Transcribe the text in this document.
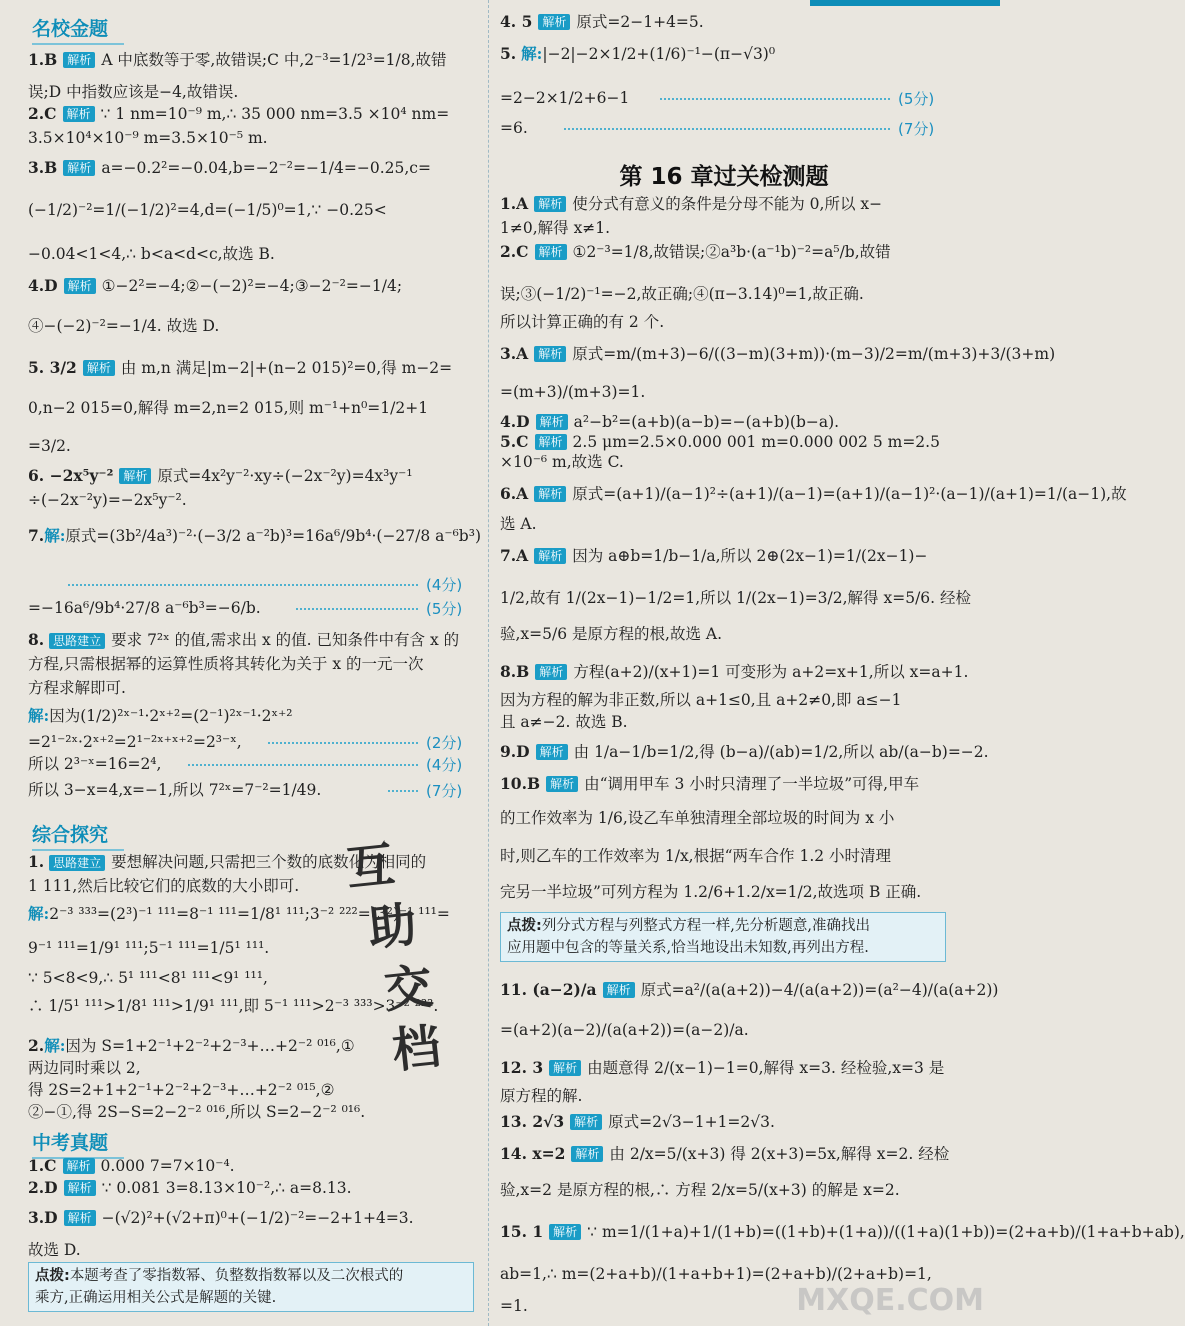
名校金题
1.B 解析 A 中底数等于零,故错误;C 中,2⁻³=1/2³=1/8,故错
误;D 中指数应该是−4,故错误.
2.C 解析 ∵ 1 nm=10⁻⁹ m,∴ 35 000 nm=3.5 ×10⁴ nm=
3.5×10⁴×10⁻⁹ m=3.5×10⁻⁵ m.
3.B 解析 a=−0.2²=−0.04,b=−2⁻²=−1/4=−0.25,c=
(−1/2)⁻²=1/(−1/2)²=4,d=(−1/5)⁰=1,∵ −0.25<
−0.04<1<4,∴ b<a<d<c,故选 B.
4.D 解析 ①−2²=−4;②−(−2)²=−4;③−2⁻²=−1/4;
④−(−2)⁻²=−1/4. 故选 D.
5. 3/2 解析 由 m,n 满足|m−2|+(n−2 015)²=0,得 m−2=
0,n−2 015=0,解得 m=2,n=2 015,则 m⁻¹+n⁰=1/2+1
=3/2.
6. −2x⁵y⁻² 解析 原式=4x²y⁻²·xy÷(−2x⁻²y)=4x³y⁻¹
÷(−2x⁻²y)=−2x⁵y⁻².
7.解:原式=(3b²/4a³)⁻²·(−3/2 a⁻²b)³=16a⁶/9b⁴·(−27/8 a⁻⁶b³)
(4分)
=−16a⁶/9b⁴·27/8 a⁻⁶b³=−6/b.	(5分)
8. 思路建立 要求 7²ˣ 的值,需求出 x 的值. 已知条件中有含 x 的
方程,只需根据幂的运算性质将其转化为关于 x 的一元一次
方程求解即可.
解:因为(1/2)²ˣ⁻¹·2ˣ⁺²=(2⁻¹)²ˣ⁻¹·2ˣ⁺²
=2¹⁻²ˣ·2ˣ⁺²=2¹⁻²ˣ⁺ˣ⁺²=2³⁻ˣ,	(2分)
所以 2³⁻ˣ=16=2⁴,	(4分)
所以 3−x=4,x=−1,所以 7²ˣ=7⁻²=1/49.	(7分)
综合探究
1. 思路建立 要想解决问题,只需把三个数的底数化为相同的
1 111,然后比较它们的底数的大小即可.
解:2⁻³ ³³³=(2³)⁻¹ ¹¹¹=8⁻¹ ¹¹¹=1/8¹ ¹¹¹;3⁻² ²²²=(3²)⁻¹ ¹¹¹=
9⁻¹ ¹¹¹=1/9¹ ¹¹¹;5⁻¹ ¹¹¹=1/5¹ ¹¹¹.
∵ 5<8<9,∴ 5¹ ¹¹¹<8¹ ¹¹¹<9¹ ¹¹¹,
∴ 1/5¹ ¹¹¹>1/8¹ ¹¹¹>1/9¹ ¹¹¹,即 5⁻¹ ¹¹¹>2⁻³ ³³³>3⁻² ²²².
2.解:因为 S=1+2⁻¹+2⁻²+2⁻³+…+2⁻² ⁰¹⁶,①
两边同时乘以 2,
得 2S=2+1+2⁻¹+2⁻²+2⁻³+…+2⁻² ⁰¹⁵,②
②−①,得 2S−S=2−2⁻² ⁰¹⁶,所以 S=2−2⁻² ⁰¹⁶.
中考真题
1.C 解析 0.000 7=7×10⁻⁴.
2.D 解析 ∵ 0.081 3=8.13×10⁻²,∴ a=8.13.
3.D 解析 −(√2)²+(√2+π)⁰+(−1/2)⁻²=−2+1+4=3.
故选 D.
点拨:本题考查了零指数幂、负整数指数幂以及二次根式的
乘方,正确运用相关公式是解题的关键.
互
助
交
档
4. 5 解析 原式=2−1+4=5.
5. 解:|−2|−2×1/2+(1/6)⁻¹−(π−√3)⁰
=2−2×1/2+6−1	(5分)
=6.	(7分)
第 16 章过关检测题
1.A 解析 使分式有意义的条件是分母不能为 0,所以 x−
1≠0,解得 x≠1.
2.C 解析 ①2⁻³=1/8,故错误;②a³b·(a⁻¹b)⁻²=a⁵/b,故错
误;③(−1/2)⁻¹=−2,故正确;④(π−3.14)⁰=1,故正确.
所以计算正确的有 2 个.
3.A 解析 原式=m/(m+3)−6/((3−m)(3+m))·(m−3)/2=m/(m+3)+3/(3+m)
=(m+3)/(m+3)=1.
4.D 解析 a²−b²=(a+b)(a−b)=−(a+b)(b−a).
5.C 解析 2.5 μm=2.5×0.000 001 m=0.000 002 5 m=2.5
×10⁻⁶ m,故选 C.
6.A 解析 原式=(a+1)/(a−1)²÷(a+1)/(a−1)=(a+1)/(a−1)²·(a−1)/(a+1)=1/(a−1),故
选 A.
7.A 解析 因为 a⊕b=1/b−1/a,所以 2⊕(2x−1)=1/(2x−1)−
1/2,故有 1/(2x−1)−1/2=1,所以 1/(2x−1)=3/2,解得 x=5/6. 经检
验,x=5/6 是原方程的根,故选 A.
8.B 解析 方程(a+2)/(x+1)=1 可变形为 a+2=x+1,所以 x=a+1.
因为方程的解为非正数,所以 a+1≤0,且 a+2≠0,即 a≤−1
且 a≠−2. 故选 B.
9.D 解析 由 1/a−1/b=1/2,得 (b−a)/(ab)=1/2,所以 ab/(a−b)=−2.
10.B 解析 由“调用甲车 3 小时只清理了一半垃圾”可得,甲车
的工作效率为 1/6,设乙车单独清理全部垃圾的时间为 x 小
时,则乙车的工作效率为 1/x,根据“两车合作 1.2 小时清理
完另一半垃圾”可列方程为 1.2/6+1.2/x=1/2,故选项 B 正确.
点拨:列分式方程与列整式方程一样,先分析题意,准确找出
应用题中包含的等量关系,恰当地设出未知数,再列出方程.
11. (a−2)/a 解析 原式=a²/(a(a+2))−4/(a(a+2))=(a²−4)/(a(a+2))
=(a+2)(a−2)/(a(a+2))=(a−2)/a.
12. 3 解析 由题意得 2/(x−1)−1=0,解得 x=3. 经检验,x=3 是
原方程的解.
13. 2√3 解析 原式=2√3−1+1=2√3.
14. x=2 解析 由 2/x=5/(x+3) 得 2(x+3)=5x,解得 x=2. 经检
验,x=2 是原方程的根,∴ 方程 2/x=5/(x+3) 的解是 x=2.
15. 1 解析 ∵ m=1/(1+a)+1/(1+b)=((1+b)+(1+a))/((1+a)(1+b))=(2+a+b)/(1+a+b+ab),
ab=1,∴ m=(2+a+b)/(1+a+b+1)=(2+a+b)/(2+a+b)=1,
=1.	MXQE.COM
